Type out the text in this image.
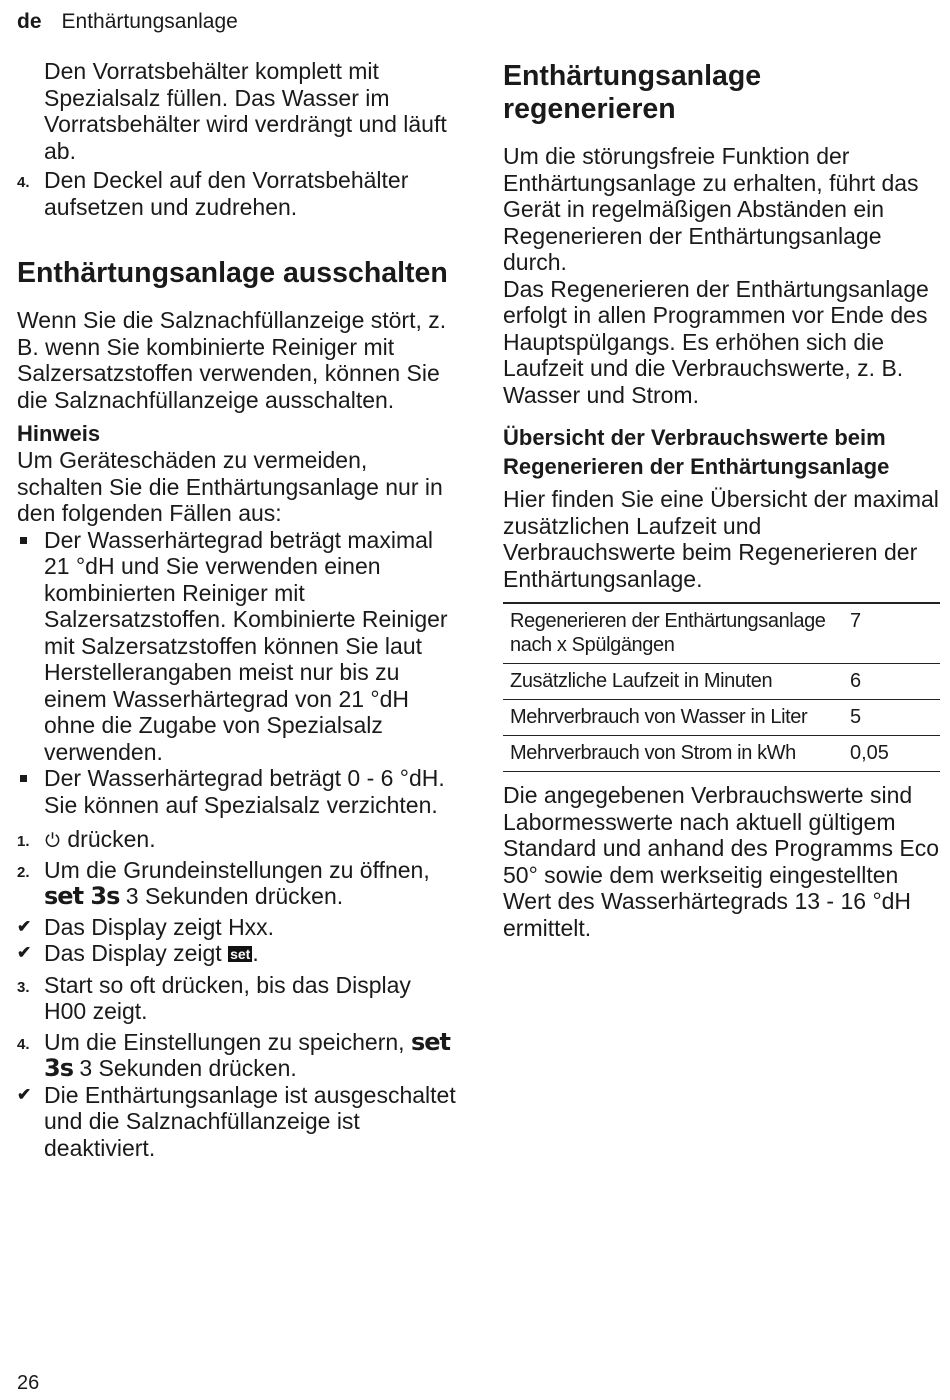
de Enthärtungsanlage

Den Vorratsbehälter komplett mit Spezialsalz füllen. Das Wasser im Vorratsbehälter wird verdrängt und läuft ab.

4. Den Deckel auf den Vorratsbehälter aufsetzen und zudrehen.
Enthärtungsanlage ausschalten

Wenn Sie die Salznachfüllanzeige stört, z. B. wenn Sie kombinierte Reiniger mit Salzersatzstoffen verwenden, können Sie die Salznachfüllanzeige ausschalten.

Hinweis

Um Geräteschäden zu vermeiden, schalten Sie die Enthärtungsanlage nur in den folgenden Fällen aus:

Der Wasserhärtegrad beträgt maximal 21 °dH und Sie verwenden einen kombinierten Reiniger mit Salzersatzstoffen. Kombinierte Reiniger mit Salzersatzstoffen können Sie laut Herstellerangaben meist nur bis zu einem Wasserhärtegrad von 21 °dH ohne die Zugabe von Spezialsalz verwenden.
Der Wasserhärtegrad beträgt 0 - 6 °dH. Sie können auf Spezialsalz verzichten.
1. drücken.
2. Um die Grundeinstellungen zu öffnen, set 3s 3 Sekunden drücken.
✔ Das Display zeigt Hxx.
✔ Das Display zeigt set.
3. Start so oft drücken, bis das Display H00 zeigt.
4. Um die Einstellungen zu speichern, set 3s 3 Sekunden drücken.
✔ Die Enthärtungsanlage ist ausgeschaltet und die Salznachfüllanzeige ist deaktiviert.
Enthärtungsanlage regenerieren

Um die störungsfreie Funktion der Enthärtungsanlage zu erhalten, führt das Gerät in regelmäßigen Abständen ein Regenerieren der Enthärtungsanlage durch.

Das Regenerieren der Enthärtungsanlage erfolgt in allen Programmen vor Ende des Hauptspülgangs. Es erhöhen sich die Laufzeit und die Verbrauchswerte, z. B. Wasser und Strom.

Übersicht der Verbrauchswerte beim Regenerieren der Enthärtungsanlage

Hier finden Sie eine Übersicht der maximal zusätzlichen Laufzeit und Verbrauchswerte beim Regenerieren der Enthärtungsanlage.

Regenerieren der Enthärtungsanlage nach x Spülgängen	7
Zusätzliche Laufzeit in Minuten	6
Mehrverbrauch von Wasser in Liter	5
Mehrverbrauch von Strom in kWh	0,05

Die angegebenen Verbrauchswerte sind Labormesswerte nach aktuell gültigem Standard und anhand des Programms Eco 50° sowie dem werkseitig eingestellten Wert des Wasserhärtegrads 13 - 16 °dH ermittelt.

26
